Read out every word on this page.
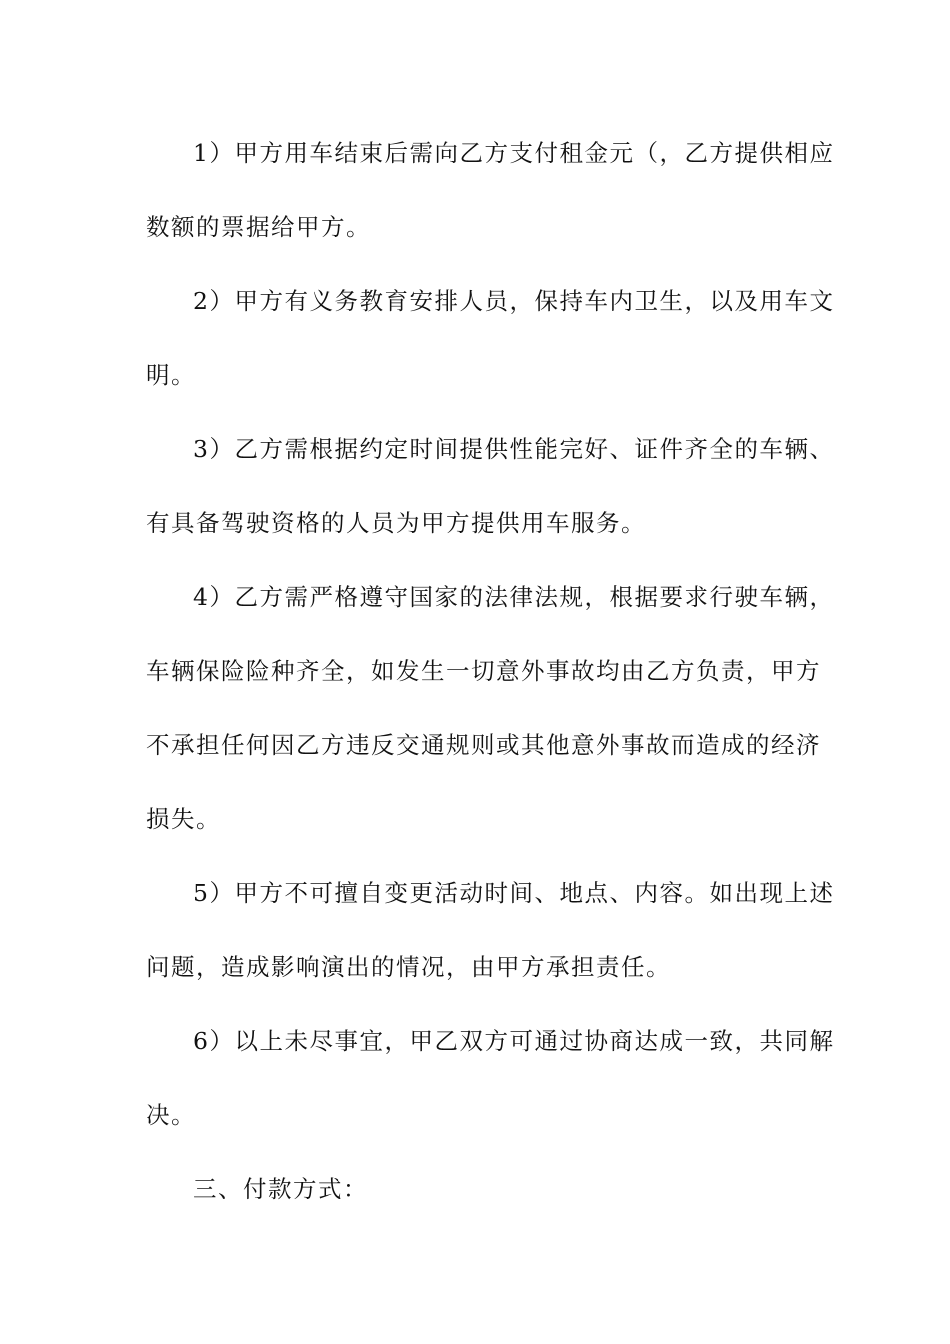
1）甲方用车结束后需向乙方支付租金元（，乙方提供相应
数额的票据给甲方。
2）甲方有义务教育安排人员，保持车内卫生，以及用车文
明。
3）乙方需根据约定时间提供性能完好、证件齐全的车辆、
有具备驾驶资格的人员为甲方提供用车服务。
4）乙方需严格遵守国家的法律法规，根据要求行驶车辆，
车辆保险险种齐全，如发生一切意外事故均由乙方负责，甲方
不承担任何因乙方违反交通规则或其他意外事故而造成的经济
损失。
5）甲方不可擅自变更活动时间、地点、内容。如出现上述
问题，造成影响演出的情况，由甲方承担责任。
6）以上未尽事宜，甲乙双方可通过协商达成一致，共同解
决。
三、付款方式：
